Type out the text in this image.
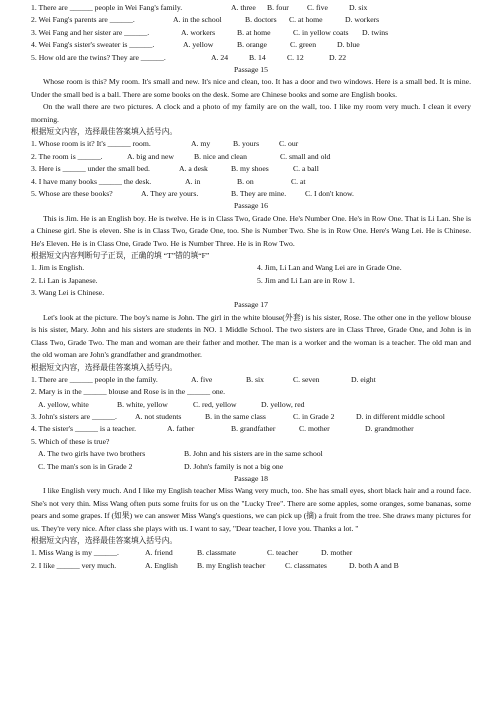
1. There are ______ people in Wei Fang's family.	A. three B. four C. five	D. six
2. Wei Fang's parents are ______.	A. in the school	B. doctors C. at home	D. workers
3. Wei Fang and her sister are ______.	A. workers	B. at home	C. in yellow coats D. twins
4. Wei Fang's sister's sweater is ______.	A. yellow	B. orange	C. green	D. blue
5. How old are the twins? They are ______.	A. 24	B. 14	C. 12	D. 22
Passage 15
Whose room is this? My room. It's small and new. It's nice and clean, too. It has a door and two windows. Here is a small bed. It is mine. Under the small bed is a ball. There are some books on the desk. Some are Chinese books and some are English books.
On the wall there are two pictures. A clock and a photo of my family are on the wall, too. I like my room very much. I clean it every morning.
根据短文内容，选择最佳答案填入括号内。
1. Whose room is it? It's ______ room.	A. my	B. yours	C. our
2. The room is ______.	A. big and new	B. nice and clean	C. small and old
3. Here is ______ under the small bed.	A. a desk	B. my shoes	C. a ball
4. I have many books ______ the desk.	A. in	B. on	C. at
5. Whose are these books?	A. They are yours.	B. They are mine. C. I don't know.
Passage 16
This is Jim. He is an English boy. He is twelve. He is in Class Two, Grade One. He's Number One. He's in Row One. That is Li Lan. She is a Chinese girl. She is eleven. She is in Class Two, Grade One, too. She is Number Two. She is in Row One. Here's Wang Lei. He is Chinese. He's Eleven. He is in Class One, Grade Two. He is Number Three. He is in Row Two.
根据短文内容判断句子正误，正确的填 “T”错的填“F”
1. Jim is English.	4. Jim, Li Lan and Wang Lei are in Grade One.
2. Li Lan is Japanese.	5. Jim and Li Lan are in Row 1.
3. Wang Lei is Chinese.
Passage 17
Let's look at the picture. The boy's name is John. The girl in the white blouse(外套) is his sister, Rose. The other one in the yellow blouse is his sister, Mary. John and his sisters are students in NO. 1 Middle School. The two sisters are in Class Three, Grade One, and John is in Class Two, Grade Two. The man and woman are their father and mother. The man is a worker and the woman is a teacher. The old man and the old woman are John's grandfather and grandmother.
根据短文内容，选择最佳答案填入括号内。
1. There are ______ people in the family.	A. five	B. six	C. seven	D. eight
2. Mary is in the ______ blouse and Rose is in the ______ one.
A. yellow, white	B. white, yellow	C. red, yellow	D. yellow, red
3. John's sisters are ______. A. not students	B. in the same class	C. in Grade 2	D. in different middle school
4. The sister's ______ is a teacher.	A. father	B. grandfather	C. mother	D. grandmother
5. Which of these is true?
A. The two girls have two brothers	B. John and his sisters are in the same school
C. The man's son is in Grade 2	D. John's family is not a big one
Passage 18
I like English very much. And I like my English teacher Miss Wang very much, too. She has small eyes, short black hair and a round face. She's not very thin. Miss Wang often puts some fruits for us on the "Lucky Tree". There are some apples, some oranges, some bananas, some pears and some grapes. If (如果) we can answer Miss Wang's questions, we can pick up (摘) a fruit from the tree. She draws many pictures for us. They're very nice. After class she plays with us. I want to say, "Dear teacher, I love you. Thanks a lot. "
根据短文内容，选择最佳答案填入括号内。
1. Miss Wang is my ______.	A. friend	B. classmate	C. teacher	D. mother
2. I like ______ very much.	A. English B. my English teacher	C. classmates	D. both A and B
